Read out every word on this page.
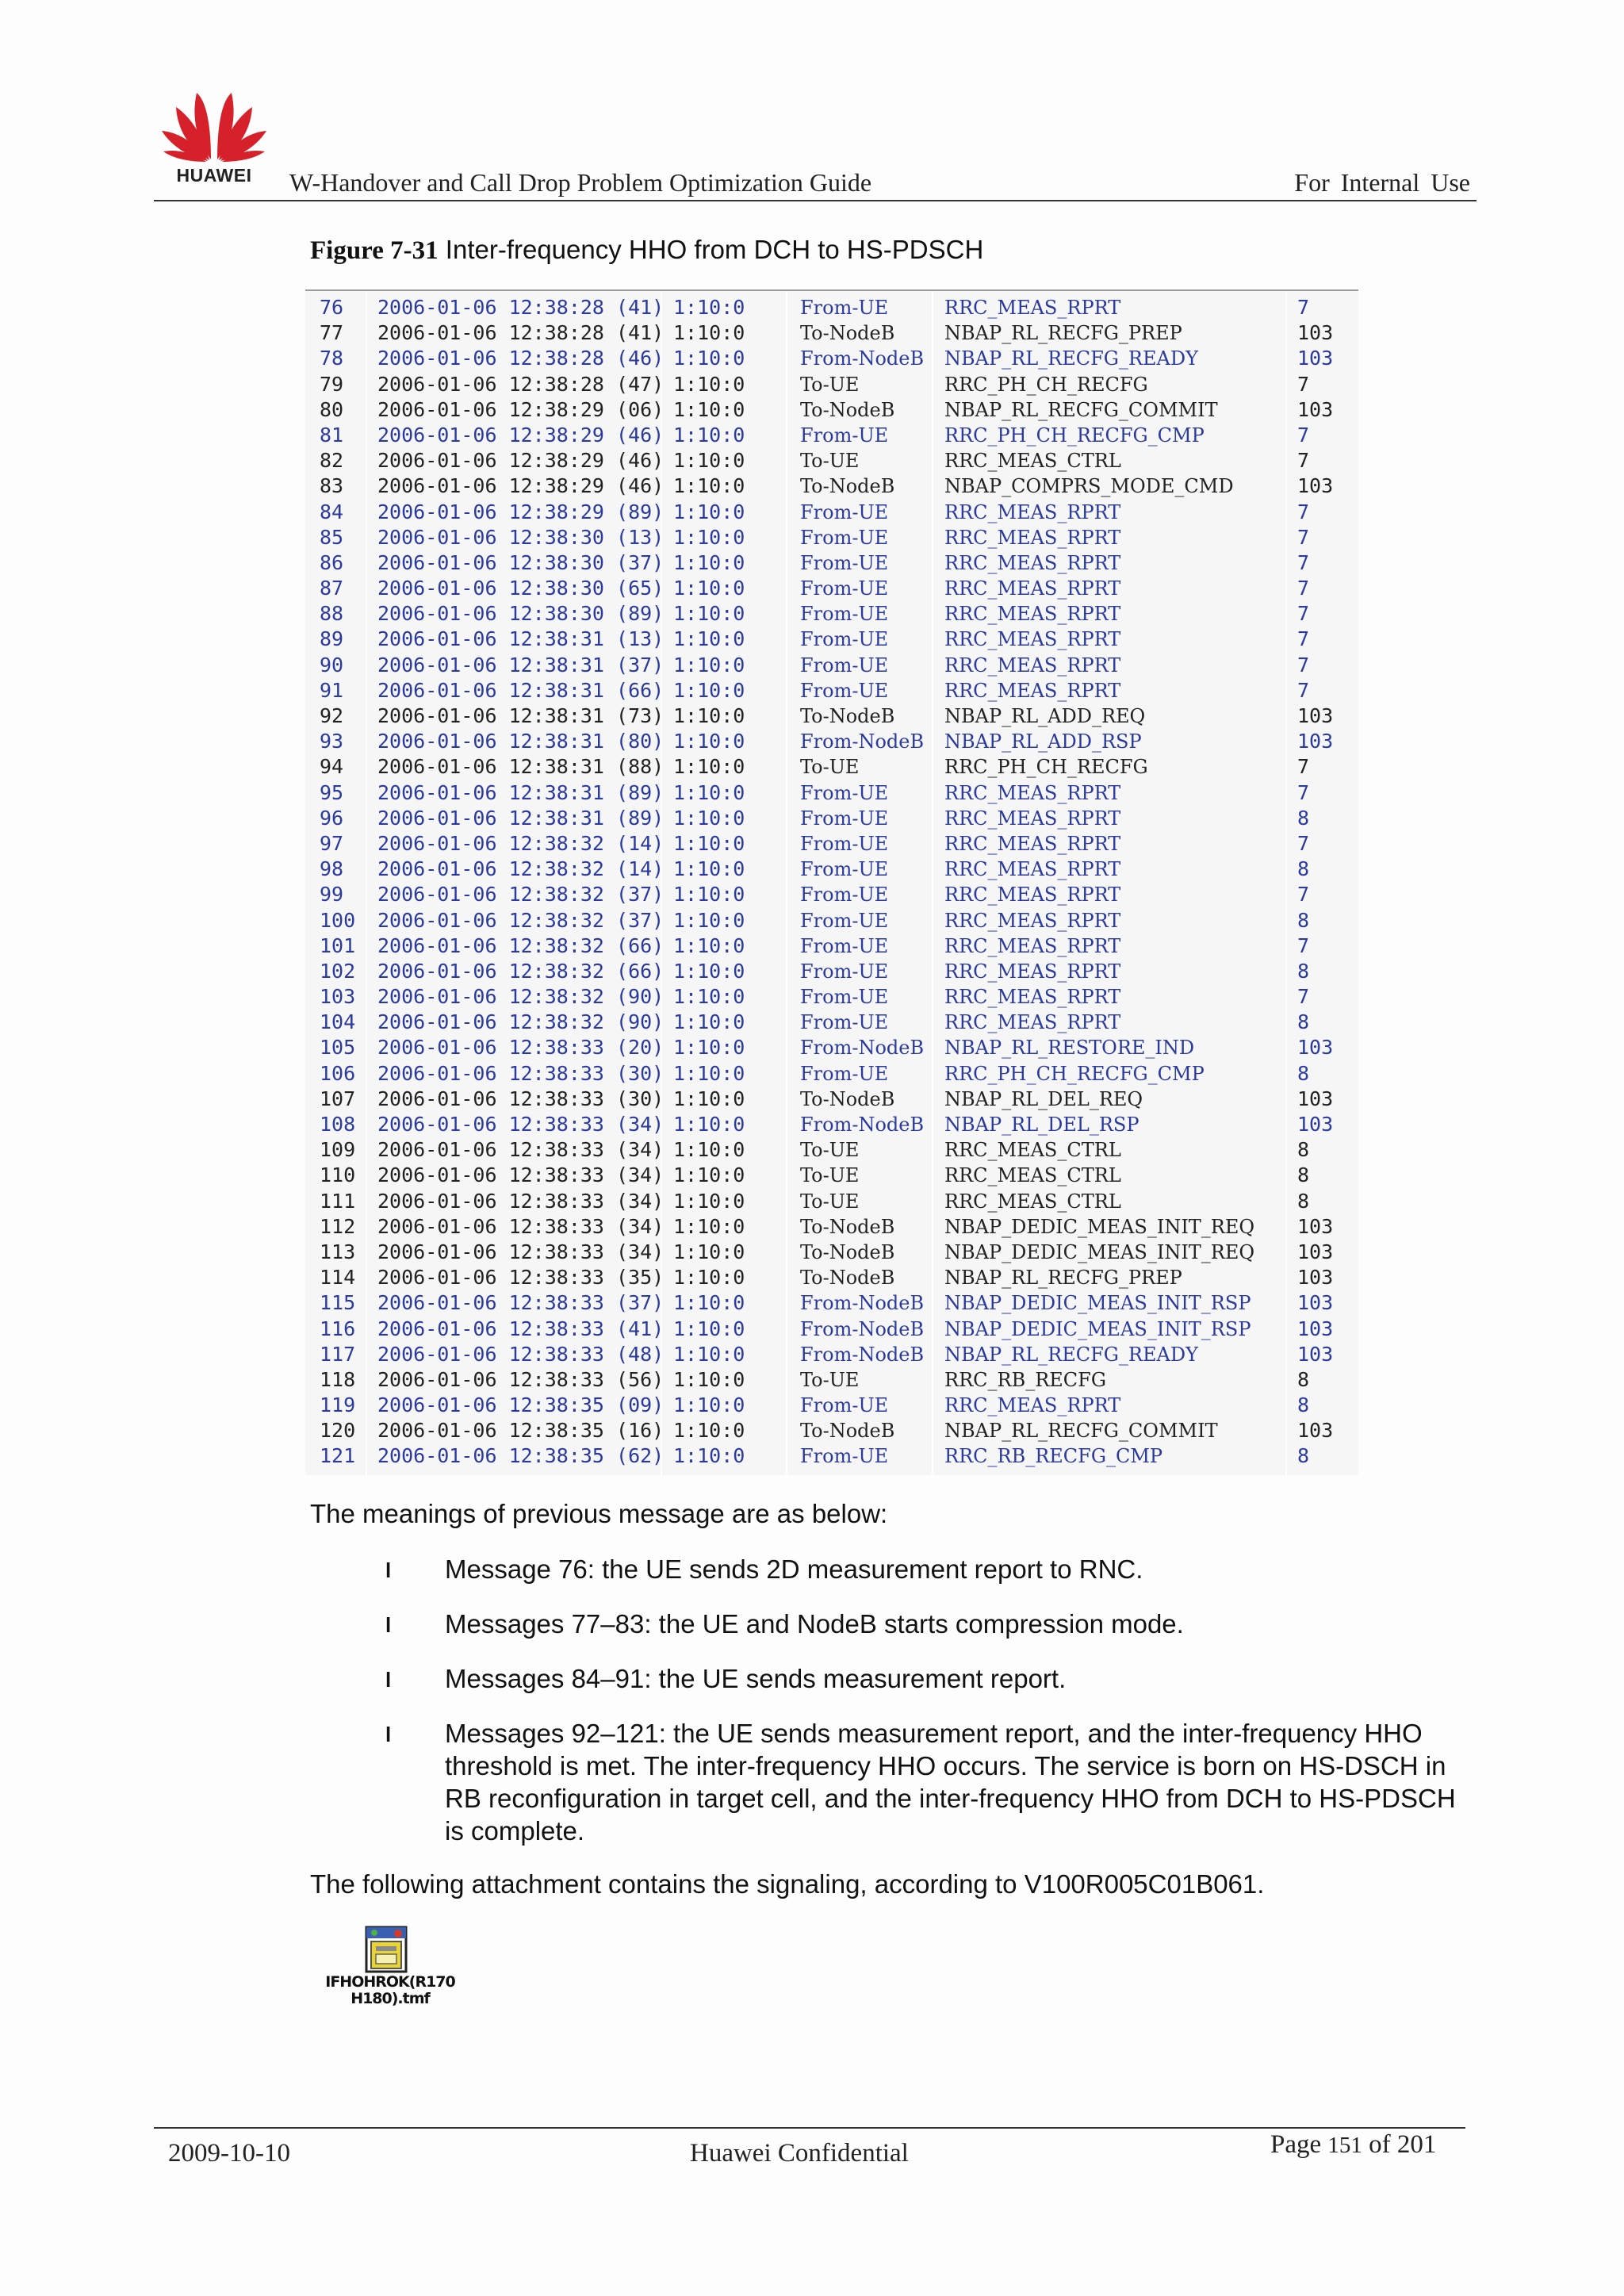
HUAWEI	W-Handover and Call Drop Problem Optimization Guide	For Internal Use
Figure 7-31 Inter-frequency HHO from DCH to HS-PDSCH
76	2006-01-06 12:38:28 (41) 1:10:0	From-UE	RRC_MEAS_RPRT	7
77	2006-01-06 12:38:28 (41) 1:10:0	To-NodeB	NBAP_RL_RECFG_PREP	103
78	2006-01-06 12:38:28 (46) 1:10:0	From-NodeB NBAP_RL_RECFG_READY	103
79	2006-01-06 12:38:28 (47) 1:10:0	To-UE	RRC_PH_CH_RECFG	7
80	2006-01-06 12:38:29 (06) 1:10:0	To-NodeB	NBAP_RL_RECFG_COMMIT	103
81	2006-01-06 12:38:29 (46) 1:10:0	From-UE	RRC_PH_CH_RECFG_CMP	7
82	2006-01-06 12:38:29 (46) 1:10:0	To-UE	RRC_MEAS_CTRL	7
83	2006-01-06 12:38:29 (46) 1:10:0	To-NodeB	NBAP_COMPRS_MODE_CMD	103
84	2006-01-06 12:38:29 (89) 1:10:0	From-UE	RRC_MEAS_RPRT	7
85	2006-01-06 12:38:30 (13) 1:10:0	From-UE	RRC_MEAS_RPRT	7
86	2006-01-06 12:38:30 (37) 1:10:0	From-UE	RRC_MEAS_RPRT	7
87	2006-01-06 12:38:30 (65) 1:10:0	From-UE	RRC_MEAS_RPRT	7
88	2006-01-06 12:38:30 (89) 1:10:0	From-UE	RRC_MEAS_RPRT	7
89	2006-01-06 12:38:31 (13) 1:10:0	From-UE	RRC_MEAS_RPRT	7
90	2006-01-06 12:38:31 (37) 1:10:0	From-UE	RRC_MEAS_RPRT	7
91	2006-01-06 12:38:31 (66) 1:10:0	From-UE	RRC_MEAS_RPRT	7
92	2006-01-06 12:38:31 (73) 1:10:0	To-NodeB	NBAP_RL_ADD_REQ	103
93	2006-01-06 12:38:31 (80) 1:10:0	From-NodeB NBAP_RL_ADD_RSP	103
94	2006-01-06 12:38:31 (88) 1:10:0	To-UE	RRC_PH_CH_RECFG	7
95	2006-01-06 12:38:31 (89) 1:10:0	From-UE	RRC_MEAS_RPRT	7
96	2006-01-06 12:38:31 (89) 1:10:0	From-UE	RRC_MEAS_RPRT	8
97	2006-01-06 12:38:32 (14) 1:10:0	From-UE	RRC_MEAS_RPRT	7
98	2006-01-06 12:38:32 (14) 1:10:0	From-UE	RRC_MEAS_RPRT	8
99	2006-01-06 12:38:32 (37) 1:10:0	From-UE	RRC_MEAS_RPRT	7
100 2006-01-06 12:38:32 (37) 1:10:0	From-UE	RRC_MEAS_RPRT	8
101 2006-01-06 12:38:32 (66) 1:10:0	From-UE	RRC_MEAS_RPRT	7
102 2006-01-06 12:38:32 (66) 1:10:0	From-UE	RRC_MEAS_RPRT	8
103 2006-01-06 12:38:32 (90) 1:10:0	From-UE	RRC_MEAS_RPRT	7
104 2006-01-06 12:38:32 (90) 1:10:0	From-UE	RRC_MEAS_RPRT	8
105 2006-01-06 12:38:33 (20) 1:10:0	From-NodeB NBAP_RL_RESTORE_IND	103
106 2006-01-06 12:38:33 (30) 1:10:0	From-UE	RRC_PH_CH_RECFG_CMP	8
107 2006-01-06 12:38:33 (30) 1:10:0	To-NodeB	NBAP_RL_DEL_REQ	103
108 2006-01-06 12:38:33 (34) 1:10:0	From-NodeB NBAP_RL_DEL_RSP	103
109 2006-01-06 12:38:33 (34) 1:10:0	To-UE	RRC_MEAS_CTRL	8
110 2006-01-06 12:38:33 (34) 1:10:0	To-UE	RRC_MEAS_CTRL	8
111 2006-01-06 12:38:33 (34) 1:10:0	To-UE	RRC_MEAS_CTRL	8
112 2006-01-06 12:38:33 (34) 1:10:0	To-NodeB	NBAP_DEDIC_MEAS_INIT_REQ 103
113 2006-01-06 12:38:33 (34) 1:10:0	To-NodeB	NBAP_DEDIC_MEAS_INIT_REQ 103
114 2006-01-06 12:38:33 (35) 1:10:0	To-NodeB	NBAP_RL_RECFG_PREP	103
115 2006-01-06 12:38:33 (37) 1:10:0	From-NodeB NBAP_DEDIC_MEAS_INIT_RSP 103
116 2006-01-06 12:38:33 (41) 1:10:0	From-NodeB NBAP_DEDIC_MEAS_INIT_RSP 103
117 2006-01-06 12:38:33 (48) 1:10:0	From-NodeB NBAP_RL_RECFG_READY	103
118 2006-01-06 12:38:33 (56) 1:10:0	To-UE	RRC_RB_RECFG	8
119 2006-01-06 12:38:35 (09) 1:10:0	From-UE	RRC_MEAS_RPRT	8
120 2006-01-06 12:38:35 (16) 1:10:0	To-NodeB	NBAP_RL_RECFG_COMMIT	103
121 2006-01-06 12:38:35 (62) 1:10:0	From-UE	RRC_RB_RECFG_CMP	8
The meanings of previous message are as below:
l Message 76: the UE sends 2D measurement report to RNC.
l Messages 77–83: the UE and NodeB starts compression mode.
l Messages 84–91: the UE sends measurement report.
l Messages 92–121: the UE sends measurement report, and the inter-frequency HHO threshold is met. The inter-frequency HHO occurs. The service is born on HS-DSCH in RB reconfiguration in target cell, and the inter-frequency HHO from DCH to HS-PDSCH is complete.
The following attachment contains the signaling, according to V100R005C01B061.
IFHOHROK(R170
H180).tmf
2009-10-10	Huawei Confidential	Page 151 of 201
